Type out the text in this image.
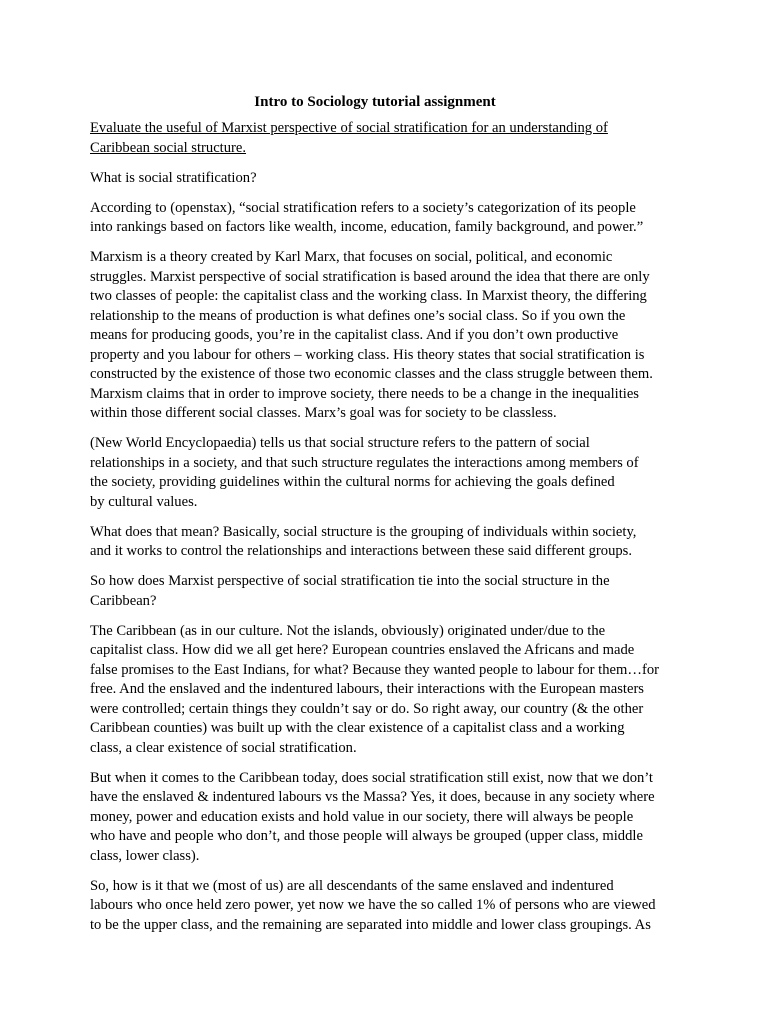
Intro to Sociology tutorial assignment
Evaluate the useful of Marxist perspective of social stratification for an understanding of
Caribbean social structure.
What is social stratification?
According to (openstax), “social stratification refers to a society’s categorization of its people
into rankings based on factors like wealth, income, education, family background, and power.”
Marxism is a theory created by Karl Marx, that focuses on social, political, and economic
struggles. Marxist perspective of social stratification is based around the idea that there are only
two classes of people: the capitalist class and the working class. In Marxist theory, the differing
relationship to the means of production is what defines one’s social class. So if you own the
means for producing goods, you’re in the capitalist class. And if you don’t own productive
property and you labour for others – working class. His theory states that social stratification is
constructed by the existence of those two economic classes and the class struggle between them.
Marxism claims that in order to improve society, there needs to be a change in the inequalities
within those different social classes. Marx’s goal was for society to be classless.
(New World Encyclopaedia) tells us that social structure refers to the pattern of social
relationships in a society, and that such structure regulates the interactions among members of
the society, providing guidelines within the cultural norms for achieving the goals defined
by cultural values.
What does that mean? Basically, social structure is the grouping of individuals within society,
and it works to control the relationships and interactions between these said different groups.
So how does Marxist perspective of social stratification tie into the social structure in the
Caribbean?
The Caribbean (as in our culture. Not the islands, obviously) originated under/due to the
capitalist class. How did we all get here? European countries enslaved the Africans and made
false promises to the East Indians, for what? Because they wanted people to labour for them…for
free. And the enslaved and the indentured labours, their interactions with the European masters
were controlled; certain things they couldn’t say or do. So right away, our country (& the other
Caribbean counties) was built up with the clear existence of a capitalist class and a working
class, a clear existence of social stratification.
But when it comes to the Caribbean today, does social stratification still exist, now that we don’t
have the enslaved & indentured labours vs the Massa? Yes, it does, because in any society where
money, power and education exists and hold value in our society, there will always be people
who have and people who don’t, and those people will always be grouped (upper class, middle
class, lower class).
So, how is it that we (most of us) are all descendants of the same enslaved and indentured
labours who once held zero power, yet now we have the so called 1% of persons who are viewed
to be the upper class, and the remaining are separated into middle and lower class groupings. As
